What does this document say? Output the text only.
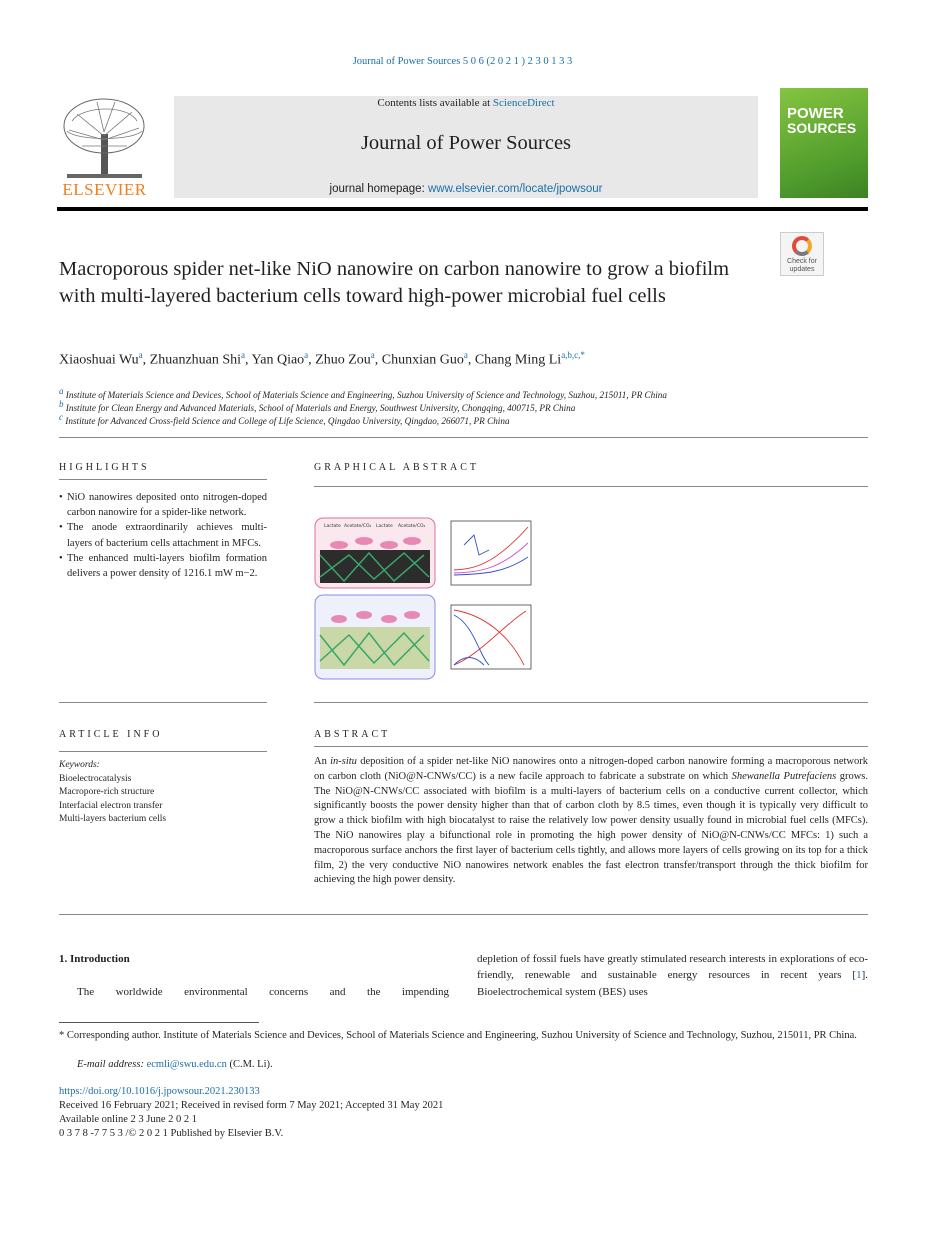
Journal of Power Sources 5 0 6 (2 0 2 1 ) 2 3 0 1 3 3
ELSEVIER
Contents lists available at ScienceDirect
Journal of Power Sources
journal homepage: www.elsevier.com/locate/jpowsour
POWER
SOURCES
Check for updates
Macroporous spider net-like NiO nanowire on carbon nanowire to grow a biofilm with multi-layered bacterium cells toward high-power microbial fuel cells
Xiaoshuai Wu$^a$, Zhuanzhuan Shi$^a$, Yan Qiao$^a$, Zhuo Zou$^a$, Chunxian Guo$^a$, Chang Ming $Li^{a,b,c,*}$
$^a$ Institute of Materials Science and Devices, School of Materials Science and Engineering, Suzhou University of Science and Technology, Suzhou, 215011, PR China
$^b$ Institute for Clean Energy and Advanced Materials, School of Materials and Energy, Southwest University, Chongqing, 400715, PR China
$^c$ Institute for Advanced Cross-field Science and College of Life Science, Qingdao University, Qingdao, 266071, PR China
HIGHLIGHTS
• NiO nanowires deposited onto nitrogen-doped carbon nanowire for a spider-like network.
• The anode extraordinarily achieves multi-layers of bacterium cells attachment in MFCs.
• The enhanced multi-layers biofilm formation delivers a power density of 1216.1 mW m−2.
GRAPHICAL ABSTRACT
Lactate Acetate/CO₂ Lactate Acetate/CO₂
ARTICLE INFO
Keywords:
Bioelectrocatalysis
Macropore-rich structure
Interfacial electron transfer
Multi-layers bacterium cells
ABSTRACT
An in-situ deposition of a spider net-like NiO nanowires onto a nitrogen-doped carbon nanowire forming a macroporous network on carbon cloth (NiO@N-CNWs/CC) is a new facile approach to fabricate a substrate on which Shewanella Putrefaciens grows. The NiO@N-CNWs/CC associated with biofilm is a multi-layers of bacterium cells on a conductive current collector, which significantly boosts the power density higher than that of carbon cloth by 8.5 times, even though it is typically very difficult to grow a thick biofilm with high biocatalyst to raise the relatively low power density usually found in microbial fuel cells (MFCs). The NiO nanowires play a bifunctional role in promoting the high power density of NiO@N-CNWs/CC MFCs: 1) such a macroporous surface anchors the first layer of bacterium cells tightly, and allows more layers of cells growing on its top for a thick film, 2) the very conductive NiO nanowires network enables the fast electron transfer/transport through the thick biofilm for achieving the high power density.
1. Introduction
The worldwide environmental concerns and the impending
depletion of fossil fuels have greatly stimulated research interests in explorations of eco-friendly, renewable and sustainable energy resources in recent years [1]. Bioelectrochemical system (BES) uses
* Corresponding author. Institute of Materials Science and Devices, School of Materials Science and Engineering, Suzhou University of Science and Technology, Suzhou, 215011, PR China.
E-mail address: ecmli@swu.edu.cn (C.M. Li).
https://doi.org/10.1016/j.jpowsour.2021.230133
Received 16 February 2021; Received in revised form 7 May 2021; Accepted 31 May 2021
Available online 2 3 June 2 0 2 1
0 3 7 8 -7 7 5 3 /© 2 0 2 1 Published by Elsevier B.V.
